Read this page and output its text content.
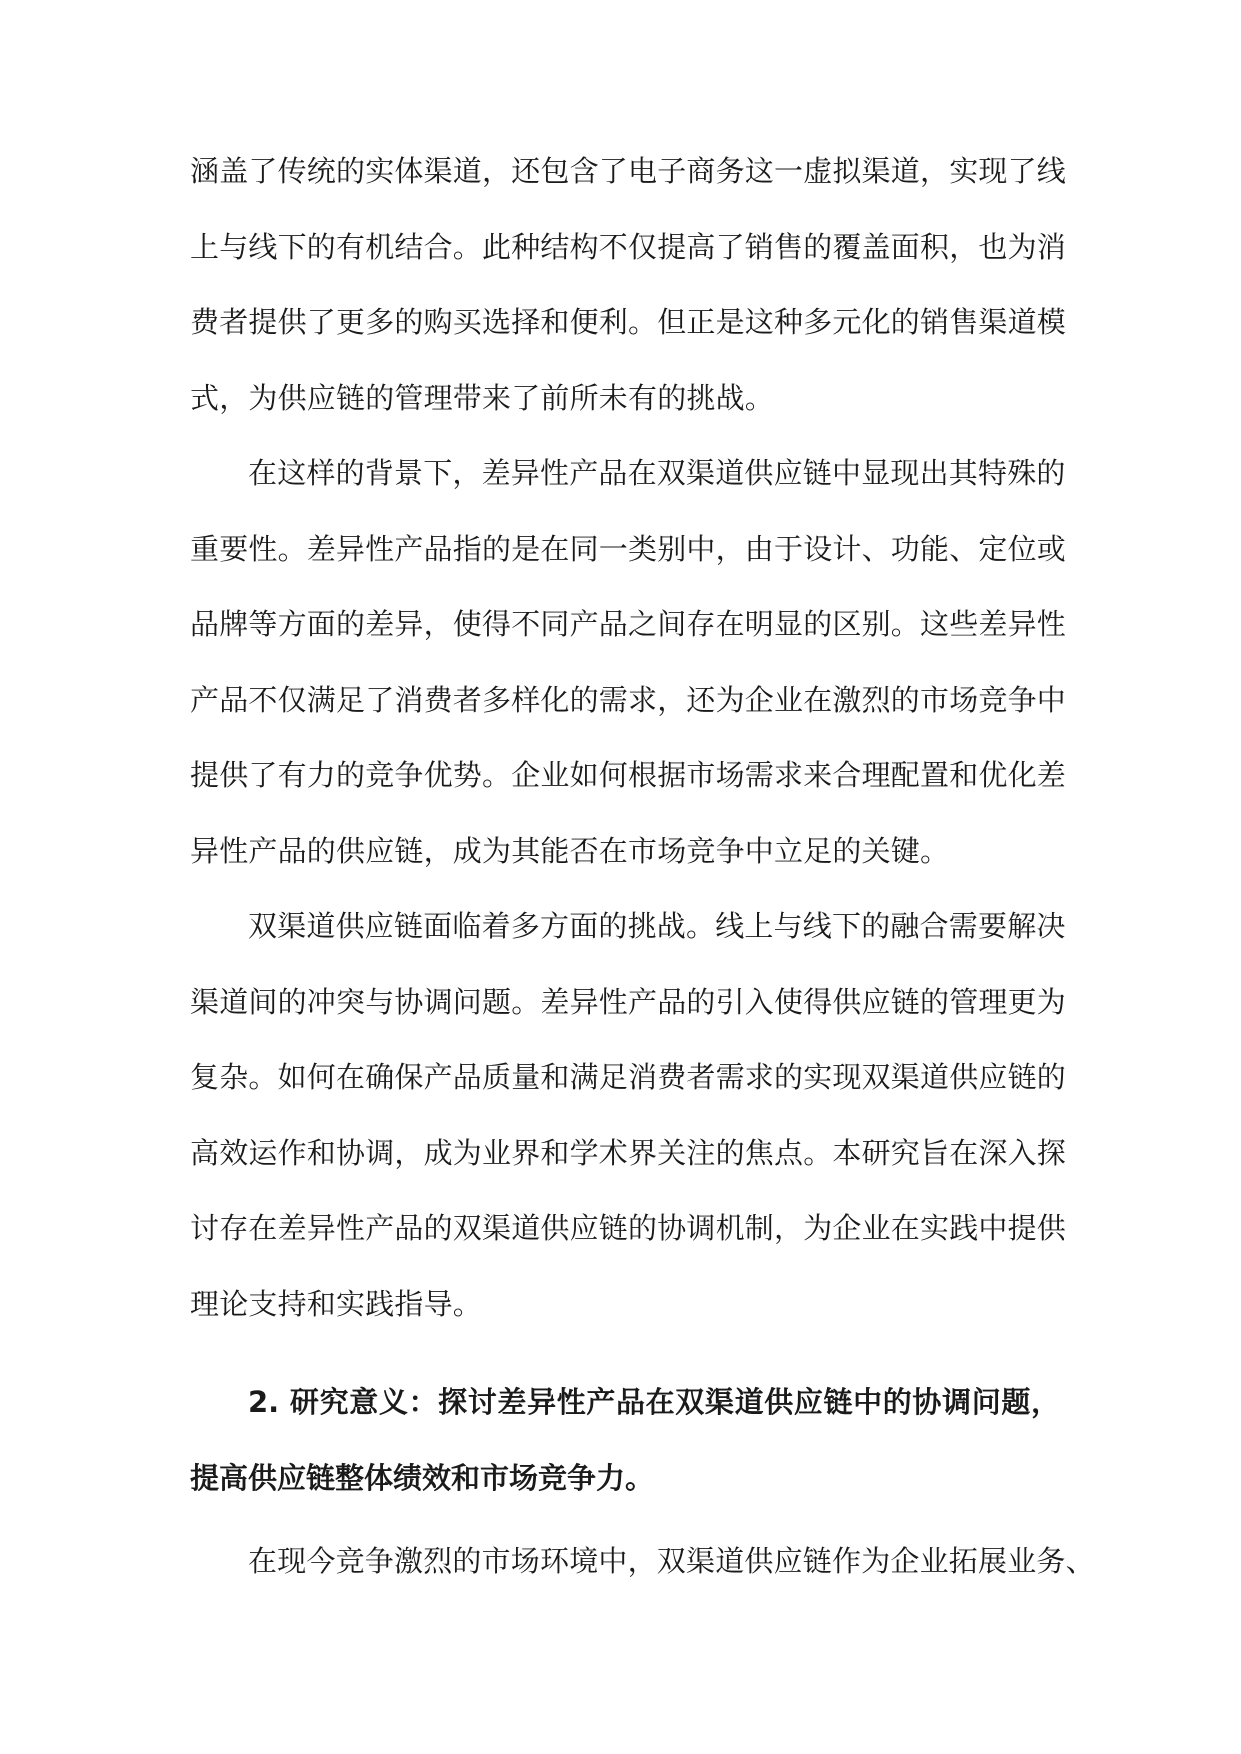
涵盖了传统的实体渠道，还包含了电子商务这一虚拟渠道，实现了线
上与线下的有机结合。此种结构不仅提高了销售的覆盖面积，也为消
费者提供了更多的购买选择和便利。但正是这种多元化的销售渠道模
式，为供应链的管理带来了前所未有的挑战。
在这样的背景下，差异性产品在双渠道供应链中显现出其特殊的
重要性。差异性产品指的是在同一类别中，由于设计、功能、定位或
品牌等方面的差异，使得不同产品之间存在明显的区别。这些差异性
产品不仅满足了消费者多样化的需求，还为企业在激烈的市场竞争中
提供了有力的竞争优势。企业如何根据市场需求来合理配置和优化差
异性产品的供应链，成为其能否在市场竞争中立足的关键。
双渠道供应链面临着多方面的挑战。线上与线下的融合需要解决
渠道间的冲突与协调问题。差异性产品的引入使得供应链的管理更为
复杂。如何在确保产品质量和满足消费者需求的实现双渠道供应链的
高效运作和协调，成为业界和学术界关注的焦点。本研究旨在深入探
讨存在差异性产品的双渠道供应链的协调机制，为企业在实践中提供
理论支持和实践指导。
2. 研究意义：探讨差异性产品在双渠道供应链中的协调问题，
提高供应链整体绩效和市场竞争力。
在现今竞争激烈的市场环境中，双渠道供应链作为企业拓展业务、
